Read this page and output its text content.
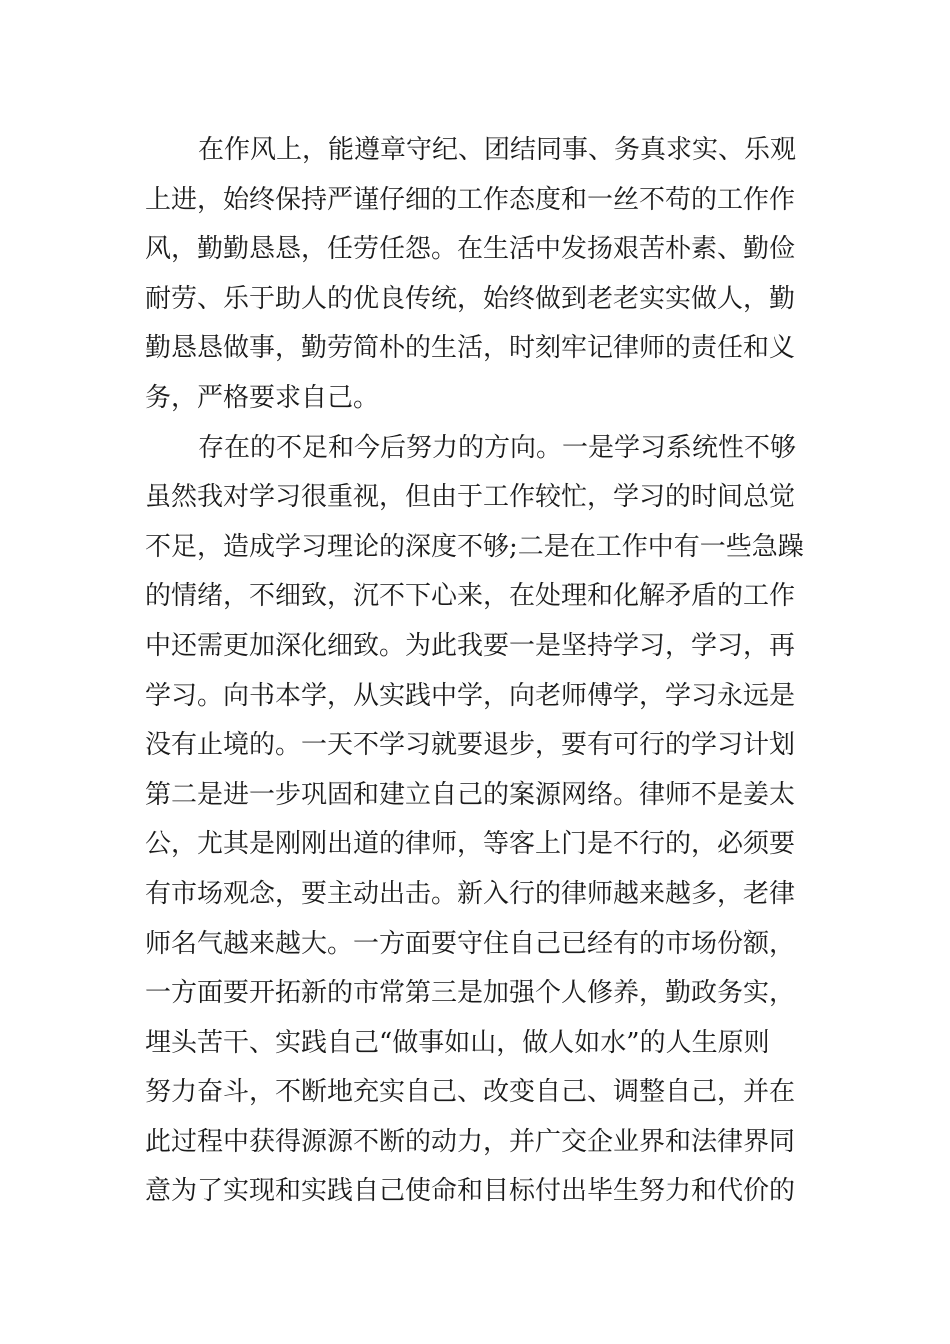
在作风上，能遵章守纪、团结同事、务真求实、乐观
上进，始终保持严谨仔细的工作态度和一丝不苟的工作作
风，勤勤恳恳，任劳任怨。在生活中发扬艰苦朴素、勤俭
耐劳、乐于助人的优良传统，始终做到老老实实做人，勤
勤恳恳做事，勤劳简朴的生活，时刻牢记律师的责任和义
务，严格要求自己。
存在的不足和今后努力的方向。一是学习系统性不够
虽然我对学习很重视，但由于工作较忙，学习的时间总觉
不足，造成学习理论的深度不够;二是在工作中有一些急躁
的情绪，不细致，沉不下心来，在处理和化解矛盾的工作
中还需更加深化细致。为此我要一是坚持学习，学习，再
学习。向书本学，从实践中学，向老师傅学，学习永远是
没有止境的。一天不学习就要退步，要有可行的学习计划
第二是进一步巩固和建立自己的案源网络。律师不是姜太
公，尤其是刚刚出道的律师，等客上门是不行的，必须要
有市场观念，要主动出击。新入行的律师越来越多，老律
师名气越来越大。一方面要守住自己已经有的市场份额，
一方面要开拓新的市常第三是加强个人修养，勤政务实，
埋头苦干、实践自己“做事如山，做人如水”的人生原则
努力奋斗，不断地充实自己、改变自己、调整自己，并在
此过程中获得源源不断的动力，并广交企业界和法律界同
意为了实现和实践自己使命和目标付出毕生努力和代价的
